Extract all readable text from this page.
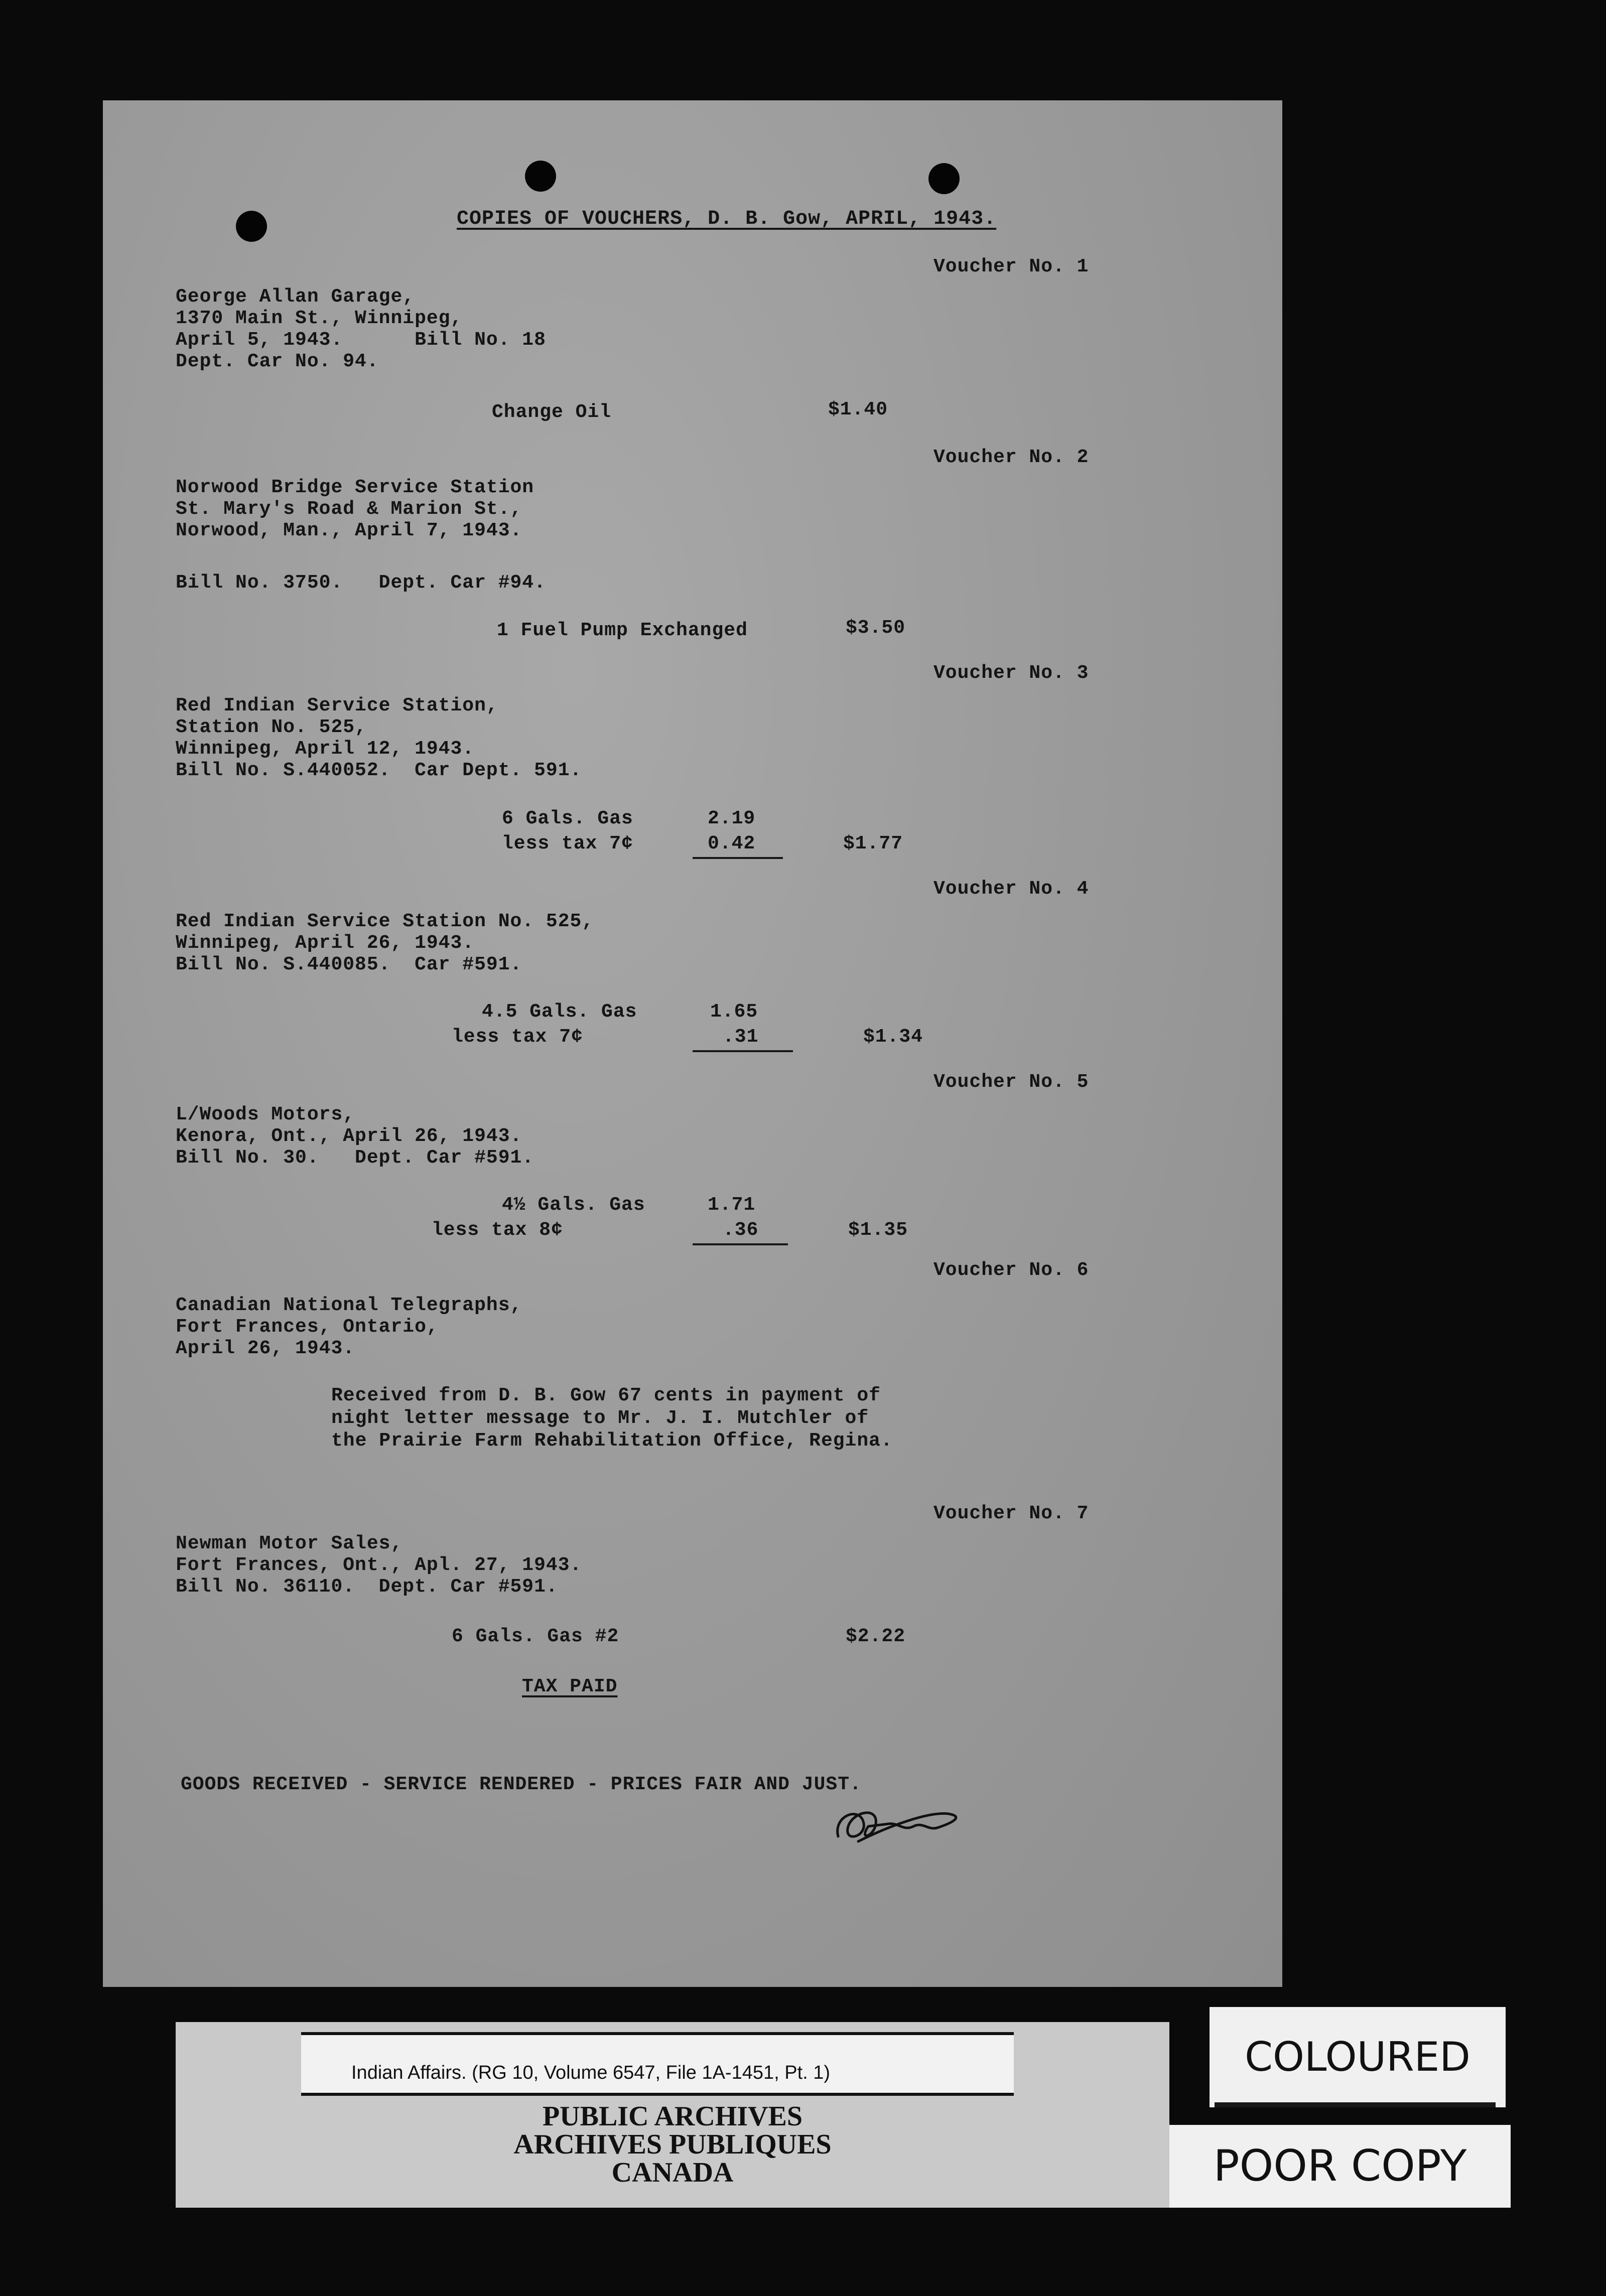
COPIES OF VOUCHERS, D. B. Gow, APRIL, 1943.
Voucher No. 1
George Allan Garage,
1370 Main St., Winnipeg,
April 5, 1943.      Bill No. 18
Dept. Car No. 94.
Change Oil	$1.40
Voucher No. 2
Norwood Bridge Service Station
St. Mary's Road & Marion St.,
Norwood, Man., April 7, 1943.
Bill No. 3750.   Dept. Car #94.
1 Fuel Pump Exchanged	$3.50
Voucher No. 3
Red Indian Service Station,
Station No. 525,
Winnipeg, April 12, 1943.
Bill No. S.440052.  Car Dept. 591.
6 Gals. Gas	2.19
less tax 7¢	0.42	$1.77
Voucher No. 4
Red Indian Service Station No. 525,
Winnipeg, April 26, 1943.
Bill No. S.440085.  Car #591.
4.5 Gals. Gas	1.65
less tax 7¢	.31	$1.34
Voucher No. 5
L/Woods Motors,
Kenora, Ont., April 26, 1943.
Bill No. 30.   Dept. Car #591.
4½ Gals. Gas	1.71
less tax 8¢	.36	$1.35
Voucher No. 6
Canadian National Telegraphs,
Fort Frances, Ontario,
April 26, 1943.
Received from D. B. Gow 67 cents in payment of
night letter message to Mr. J. I. Mutchler of
the Prairie Farm Rehabilitation Office, Regina.
Voucher No. 7
Newman Motor Sales,
Fort Frances, Ont., Apl. 27, 1943.
Bill No. 36110.  Dept. Car #591.
6 Gals. Gas #2	$2.22
TAX PAID
GOODS RECEIVED - SERVICE RENDERED - PRICES FAIR AND JUST.
Indian Affairs. (RG 10, Volume 6547, File 1A-1451, Pt. 1)
PUBLIC ARCHIVES
ARCHIVES PUBLIQUES
CANADA
COLOURED
POOR COPY
